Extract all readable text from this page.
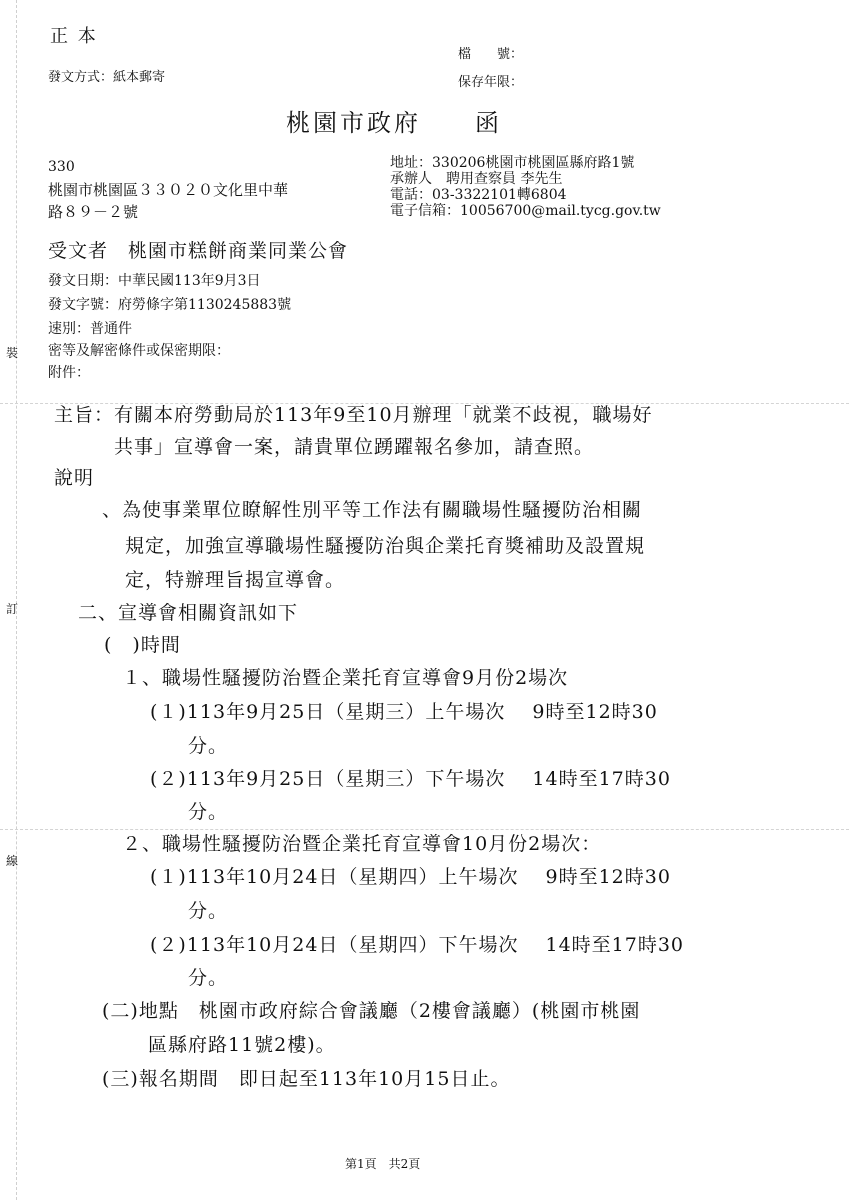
裝
訂
線
正 本
發文方式：紙本郵寄
檔　　號：
保存年限：
桃園市政府　　函
330
桃園市桃園區３３０２０文化里中華
路８９－２號
地址：330206桃園市桃園區縣府路1號
承辦人　聘用查察員 李先生
電話：03-3322101轉6804
電子信箱：10056700@mail.tycg.gov.tw
受文者　桃園市糕餅商業同業公會
發文日期：中華民國113年9月3日
發文字號：府勞條字第1130245883號
速別：普通件
密等及解密條件或保密期限：
附件：
主旨：有關本府勞動局於113年9至10月辦理「就業不歧視，職場好
共事」宣導會一案，請貴單位踴躍報名參加，請查照。
說明
、為使事業單位瞭解性別平等工作法有關職場性騷擾防治相關
規定，加強宣導職場性騷擾防治與企業托育獎補助及設置規
定，特辦理旨揭宣導會。
二、宣導會相關資訊如下
(　)時間
１、職場性騷擾防治暨企業托育宣導會9月份2場次
(１)113年9月25日（星期三）上午場次　 9時至12時30
分。
(２)113年9月25日（星期三）下午場次　 14時至17時30
分。
２、職場性騷擾防治暨企業托育宣導會10月份2場次：
(１)113年10月24日（星期四）上午場次　 9時至12時30
分。
(２)113年10月24日（星期四）下午場次　 14時至17時30
分。
(二)地點　桃園市政府綜合會議廳（2樓會議廳）(桃園市桃園
區縣府路11號2樓)。
(三)報名期間　即日起至113年10月15日止。
第1頁　共2頁
